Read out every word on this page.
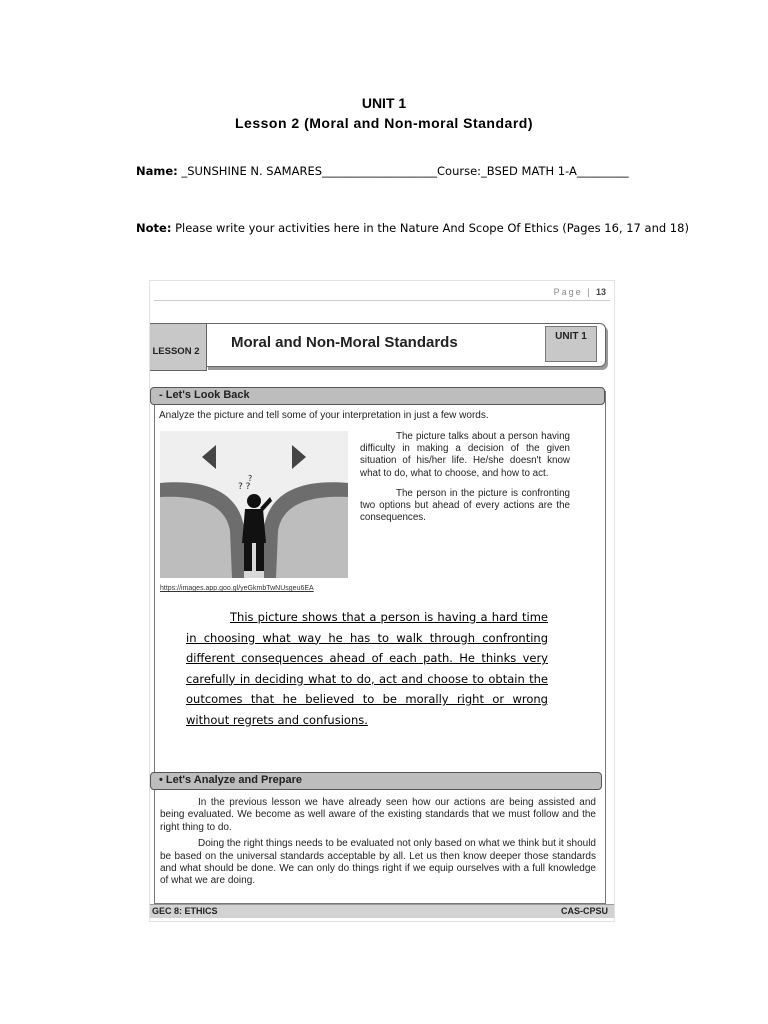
UNIT 1
Lesson 2 (Moral and Non-moral Standard)
Name: _SUNSHINE N. SAMARES____________________Course:_BSED MATH 1-A_________
Note: Please write your activities here in the Nature And Scope Of Ethics (Pages 16, 17 and 18)
Page | 13
LESSON 2
Moral and Non-Moral Standards	UNIT 1
- Let's Look Back
Analyze the picture and tell some of your interpretation in just a few words.
? ?
?
https://images.app.goo.gl/yeGkmbTwNUsgeu6EA

The picture talks about a person having difficulty in making a decision of the given situation of his/her life. He/she doesn't know what to do, what to choose, and how to act.

The person in the picture is confronting two options but ahead of every actions are the consequences.

This picture shows that a person is having a hard time in choosing what way he has to walk through confronting different consequences ahead of each path. He thinks very carefully in deciding what to do, act and choose to obtain the outcomes that he believed to be morally right or wrong without regrets and confusions.
• Let's Analyze and Prepare

In the previous lesson we have already seen how our actions are being assisted and being evaluated. We become as well aware of the existing standards that we must follow and the right thing to do.

Doing the right things needs to be evaluated not only based on what we think but it should be based on the universal standards acceptable by all. Let us then know deeper those standards and what should be done. We can only do things right if we equip ourselves with a full knowledge of what we are doing.

GEC 8: ETHICS	CAS-CPSU
